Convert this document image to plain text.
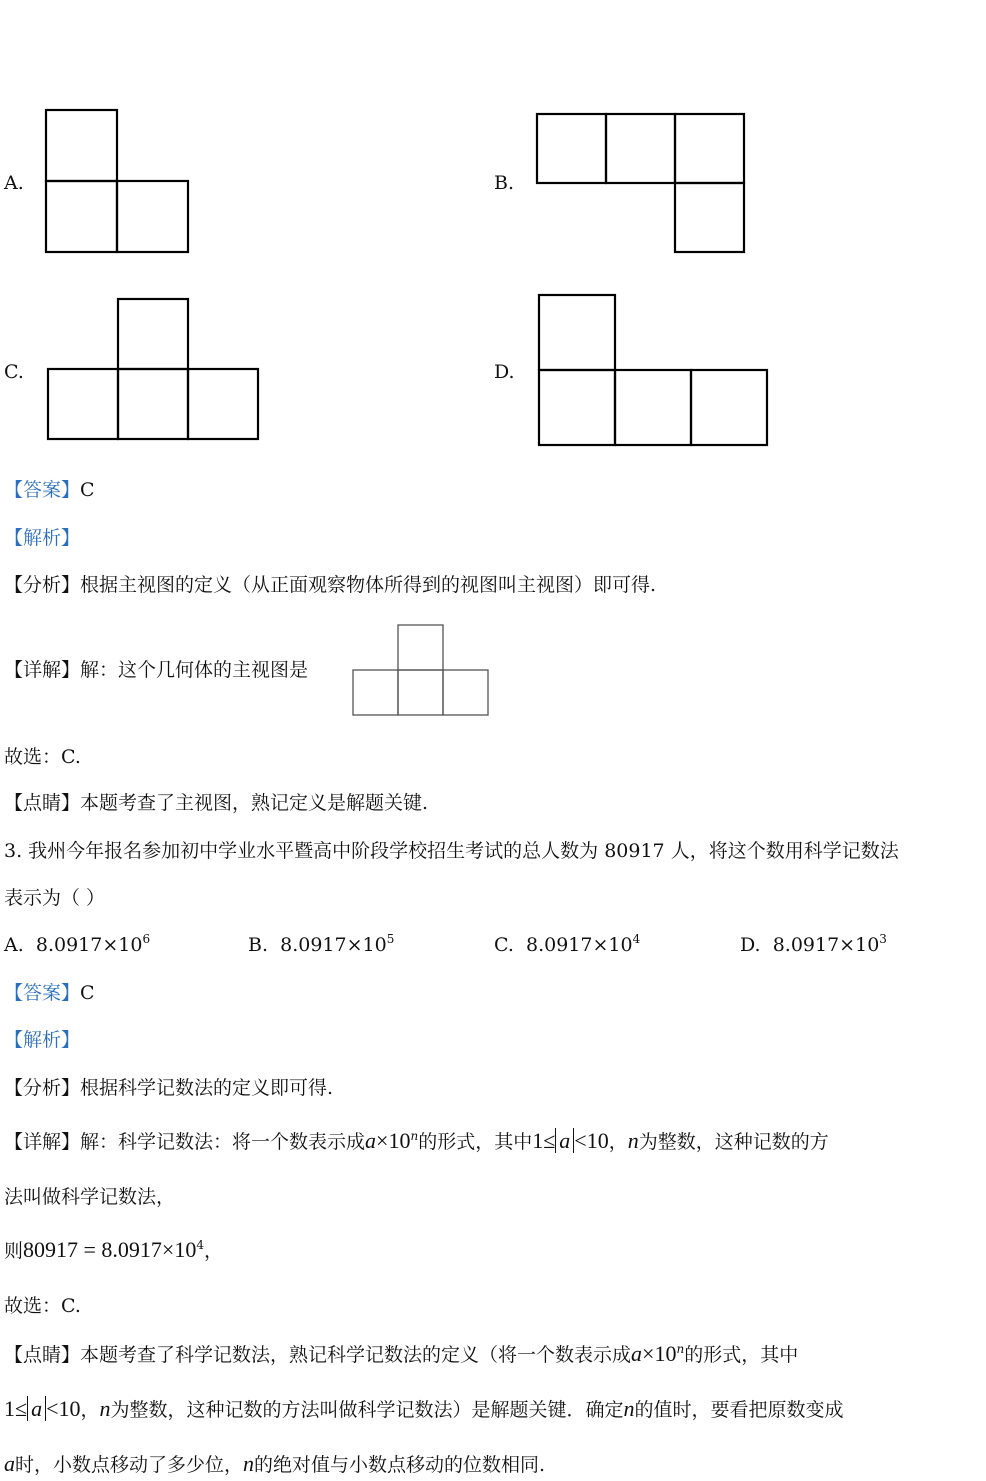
A.	B.
C.	D.
【答案】C
【解析】
【分析】根据主视图的定义（从正面观察物体所得到的视图叫主视图）即可得.
【详解】解：这个几何体的主视图是
故选：C.
【点睛】本题考查了主视图，熟记定义是解题关键.
3. 我州今年报名参加初中学业水平暨高中阶段学校招生考试的总人数为 80917 人，将这个数用科学记数法
表示为（ ）
A. $8.0917\times 10^6$	B. $8.0917\times 10^5$	C. $8.0917\times 10^4$	D. $8.0917\times 10^3$
【答案】C
【解析】
【分析】根据科学记数法的定义即可得.
【详解】解：科学记数法：将一个数表示成$a\times 10^n$的形式，其中1≤ a <10，n为整数，这种记数的方
法叫做科学记数法，
则$80917 = 8.0917\times 10^4$，
故选：C.
【点睛】本题考查了科学记数法，熟记科学记数法的定义（将一个数表示成$a\times 10^n$的形式，其中
1≤ a <10，n为整数，这种记数的方法叫做科学记数法）是解题关键．确定n的值时，要看把原数变成
a时，小数点移动了多少位，n的绝对值与小数点移动的位数相同.
